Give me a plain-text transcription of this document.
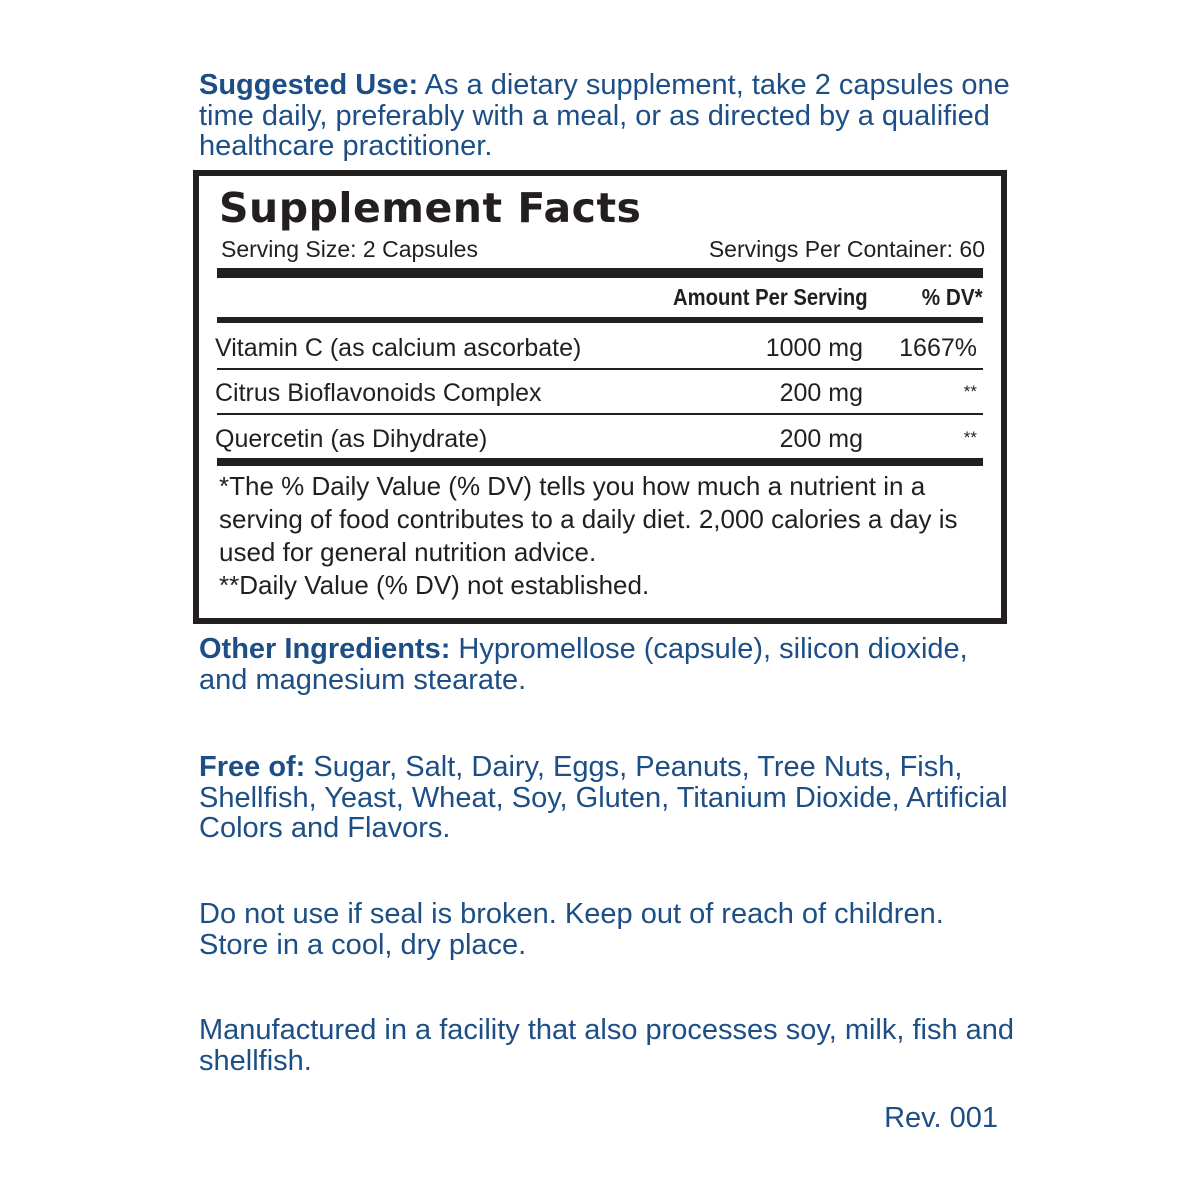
Suggested Use: As a dietary supplement, take 2 capsules one time daily, preferably with a meal, or as directed by a qualified healthcare practitioner.
Supplement Facts
Serving Size: 2 Capsules	Servings Per Container: 60
Amount Per Serving % DV*
Vitamin C (as calcium ascorbate)	1000 mg 1667%
Citrus Bioflavonoids Complex	200 mg	**
Quercetin (as Dihydrate)	200 mg	**
*The % Daily Value (% DV) tells you how much a nutrient in a serving of food contributes to a daily diet. 2,000 calories a day is used for general nutrition advice.
**Daily Value (% DV) not established.
Other Ingredients: Hypromellose (capsule), silicon dioxide, and magnesium stearate.
Free of: Sugar, Salt, Dairy, Eggs, Peanuts, Tree Nuts, Fish, Shellfish, Yeast, Wheat, Soy, Gluten, Titanium Dioxide, Artificial Colors and Flavors.
Do not use if seal is broken. Keep out of reach of children. Store in a cool, dry place.
Manufactured in a facility that also processes soy, milk, fish and shellfish.
Rev. 001
